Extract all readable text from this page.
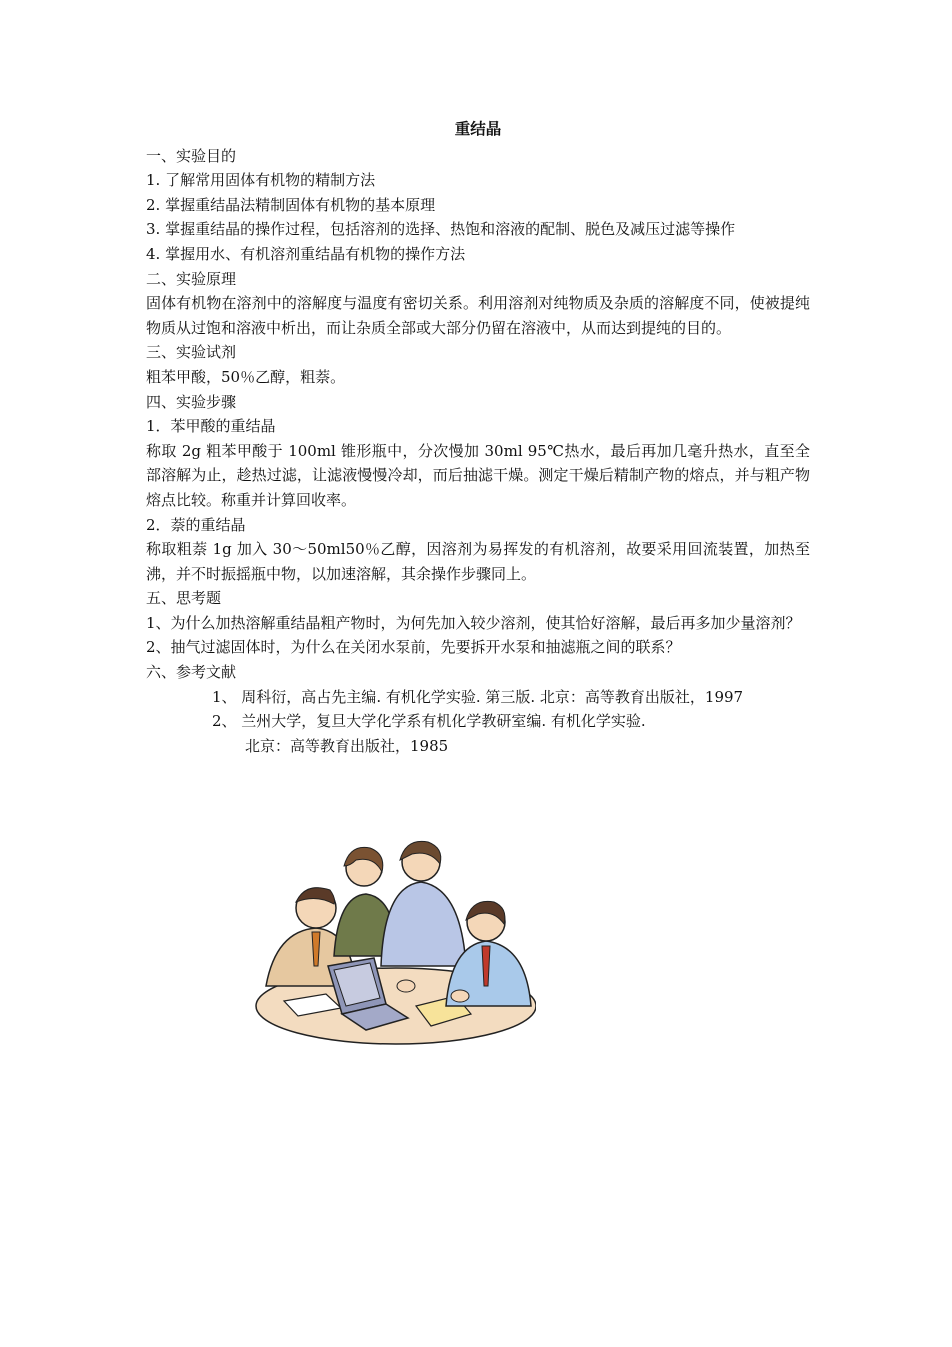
重结晶
一、实验目的
1. 了解常用固体有机物的精制方法
2. 掌握重结晶法精制固体有机物的基本原理
3. 掌握重结晶的操作过程，包括溶剂的选择、热饱和溶液的配制、脱色及减压过滤等操作
4. 掌握用水、有机溶剂重结晶有机物的操作方法
二、实验原理
固体有机物在溶剂中的溶解度与温度有密切关系。利用溶剂对纯物质及杂质的溶解度不同，使被提纯物质从过饱和溶液中析出，而让杂质全部或大部分仍留在溶液中，从而达到提纯的目的。
三、实验试剂
粗苯甲酸，50％乙醇，粗萘。
四、实验步骤
1．苯甲酸的重结晶
称取 2g 粗苯甲酸于 100ml 锥形瓶中，分次慢加 30ml 95℃热水，最后再加几毫升热水，直至全部溶解为止，趁热过滤，让滤液慢慢冷却，而后抽滤干燥。测定干燥后精制产物的熔点，并与粗产物熔点比较。称重并计算回收率。
2．萘的重结晶
称取粗萘 1g 加入 30～50ml50％乙醇，因溶剂为易挥发的有机溶剂，故要采用回流装置，加热至沸，并不时振摇瓶中物，以加速溶解，其余操作步骤同上。
五、思考题
1、为什么加热溶解重结晶粗产物时，为何先加入较少溶剂，使其恰好溶解，最后再多加少量溶剂？
2、抽气过滤固体时，为什么在关闭水泵前，先要拆开水泵和抽滤瓶之间的联系？
六、参考文献
1、 周科衍，高占先主编. 有机化学实验. 第三版. 北京：高等教育出版社，1997
2、 兰州大学，复旦大学化学系有机化学教研室编. 有机化学实验.
北京：高等教育出版社，1985
